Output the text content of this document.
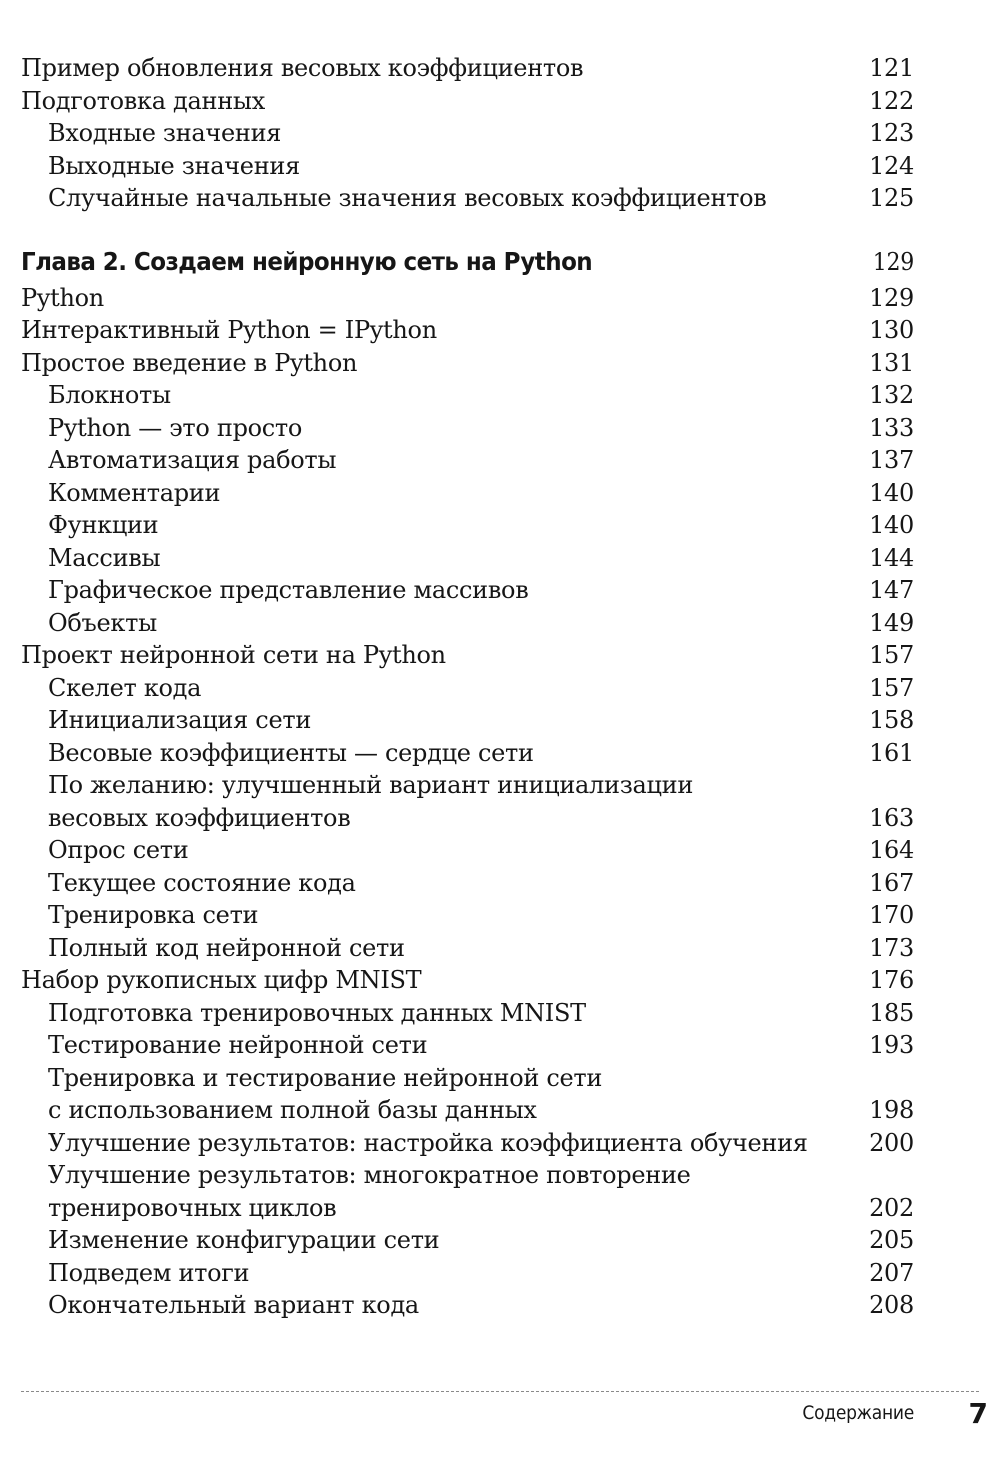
Пример обновления весовых коэффициентов	121
Подготовка данных	122
Входные значения	123
Выходные значения	124
Случайные начальные значения весовых коэффициентов	125
Глава 2. Создаем нейронную сеть на Python	129
Python	129
Интерактивный Python = IPython	130
Простое введение в Python	131
Блокноты	132
Python — это просто	133
Автоматизация работы	137
Комментарии	140
Функции	140
Массивы	144
Графическое представление массивов	147
Объекты	149
Проект нейронной сети на Python	157
Скелет кода	157
Инициализация сети	158
Весовые коэффициенты — сердце сети	161
По желанию: улучшенный вариант инициализации
весовых коэффициентов	163
Опрос сети	164
Текущее состояние кода	167
Тренировка сети	170
Полный код нейронной сети	173
Набор рукописных цифр MNIST	176
Подготовка тренировочных данных MNIST	185
Тестирование нейронной сети	193
Тренировка и тестирование нейронной сети
с использованием полной базы данных	198
Улучшение результатов: настройка коэффициента обучения	200
Улучшение результатов: многократное повторение
тренировочных циклов	202
Изменение конфигурации сети	205
Подведем итоги	207
Окончательный вариант кода	208
Содержание 7
